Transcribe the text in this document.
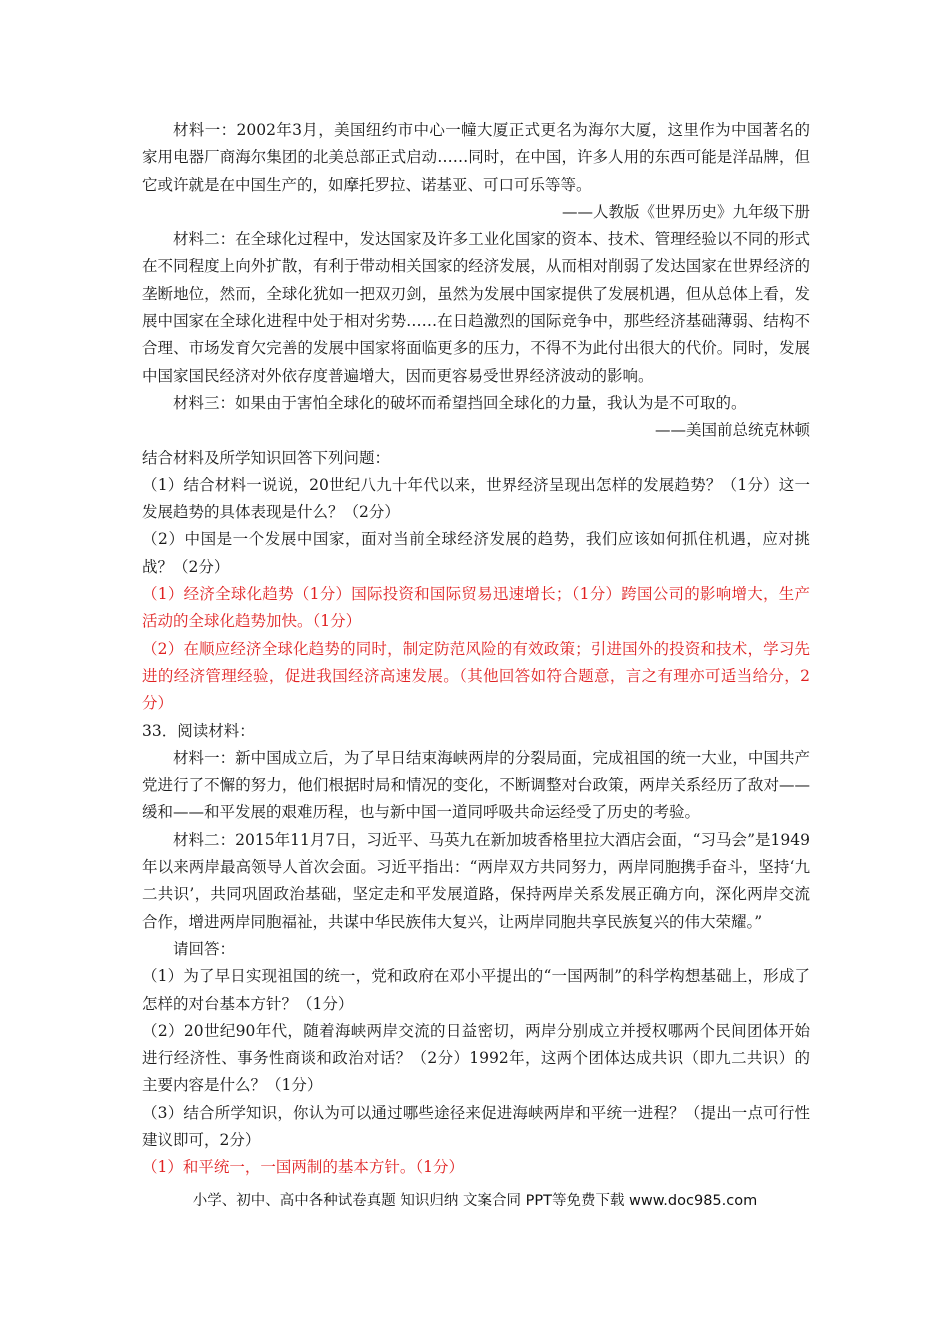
材料一：2002年3月，美国纽约市中心一幢大厦正式更名为海尔大厦，这里作为中国著名的家用电器厂商海尔集团的北美总部正式启动……同时，在中国，许多人用的东西可能是洋品牌，但它或许就是在中国生产的，如摩托罗拉、诺基亚、可口可乐等等。

——人教版《世界历史》九年级下册

材料二：在全球化过程中，发达国家及许多工业化国家的资本、技术、管理经验以不同的形式在不同程度上向外扩散，有利于带动相关国家的经济发展，从而相对削弱了发达国家在世界经济的垄断地位，然而，全球化犹如一把双刃剑，虽然为发展中国家提供了发展机遇，但从总体上看，发展中国家在全球化进程中处于相对劣势……在日趋激烈的国际竞争中，那些经济基础薄弱、结构不合理、市场发育欠完善的发展中国家将面临更多的压力，不得不为此付出很大的代价。同时，发展中国家国民经济对外依存度普遍增大，因而更容易受世界经济波动的影响。

材料三：如果由于害怕全球化的破坏而希望挡回全球化的力量，我认为是不可取的。

——美国前总统克林顿

结合材料及所学知识回答下列问题：

（1）结合材料一说说，20世纪八九十年代以来，世界经济呈现出怎样的发展趋势？（1分）这一发展趋势的具体表现是什么？（2分）

（2）中国是一个发展中国家，面对当前全球经济发展的趋势，我们应该如何抓住机遇，应对挑战？（2分）

（1）经济全球化趋势（1分）国际投资和国际贸易迅速增长；（1分）跨国公司的影响增大，生产活动的全球化趋势加快。（1分）

（2）在顺应经济全球化趋势的同时，制定防范风险的有效政策；引进国外的投资和技术，学习先进的经济管理经验，促进我国经济高速发展。（其他回答如符合题意，言之有理亦可适当给分，2分）

33．阅读材料：

材料一：新中国成立后，为了早日结束海峡两岸的分裂局面，完成祖国的统一大业，中国共产党进行了不懈的努力，他们根据时局和情况的变化，不断调整对台政策，两岸关系经历了敌对——缓和——和平发展的艰难历程，也与新中国一道同呼吸共命运经受了历史的考验。

材料二：2015年11月7日，习近平、马英九在新加坡香格里拉大酒店会面，“习马会”是1949年以来两岸最高领导人首次会面。习近平指出：“两岸双方共同努力，两岸同胞携手奋斗，坚持‘九二共识’，共同巩固政治基础，坚定走和平发展道路，保持两岸关系发展正确方向，深化两岸交流合作，增进两岸同胞福祉，共谋中华民族伟大复兴，让两岸同胞共享民族复兴的伟大荣耀。”

请回答：

（1）为了早日实现祖国的统一，党和政府在邓小平提出的“一国两制”的科学构想基础上，形成了怎样的对台基本方针？（1分）

（2）20世纪90年代，随着海峡两岸交流的日益密切，两岸分别成立并授权哪两个民间团体开始进行经济性、事务性商谈和政治对话？（2分）1992年，这两个团体达成共识（即九二共识）的主要内容是什么？（1分）

（3）结合所学知识，你认为可以通过哪些途径来促进海峡两岸和平统一进程？（提出一点可行性建议即可，2分）

（1）和平统一，一国两制的基本方针。（1分）

小学、初中、高中各种试卷真题 知识归纳 文案合同 PPT等免费下载 www.doc985.com
